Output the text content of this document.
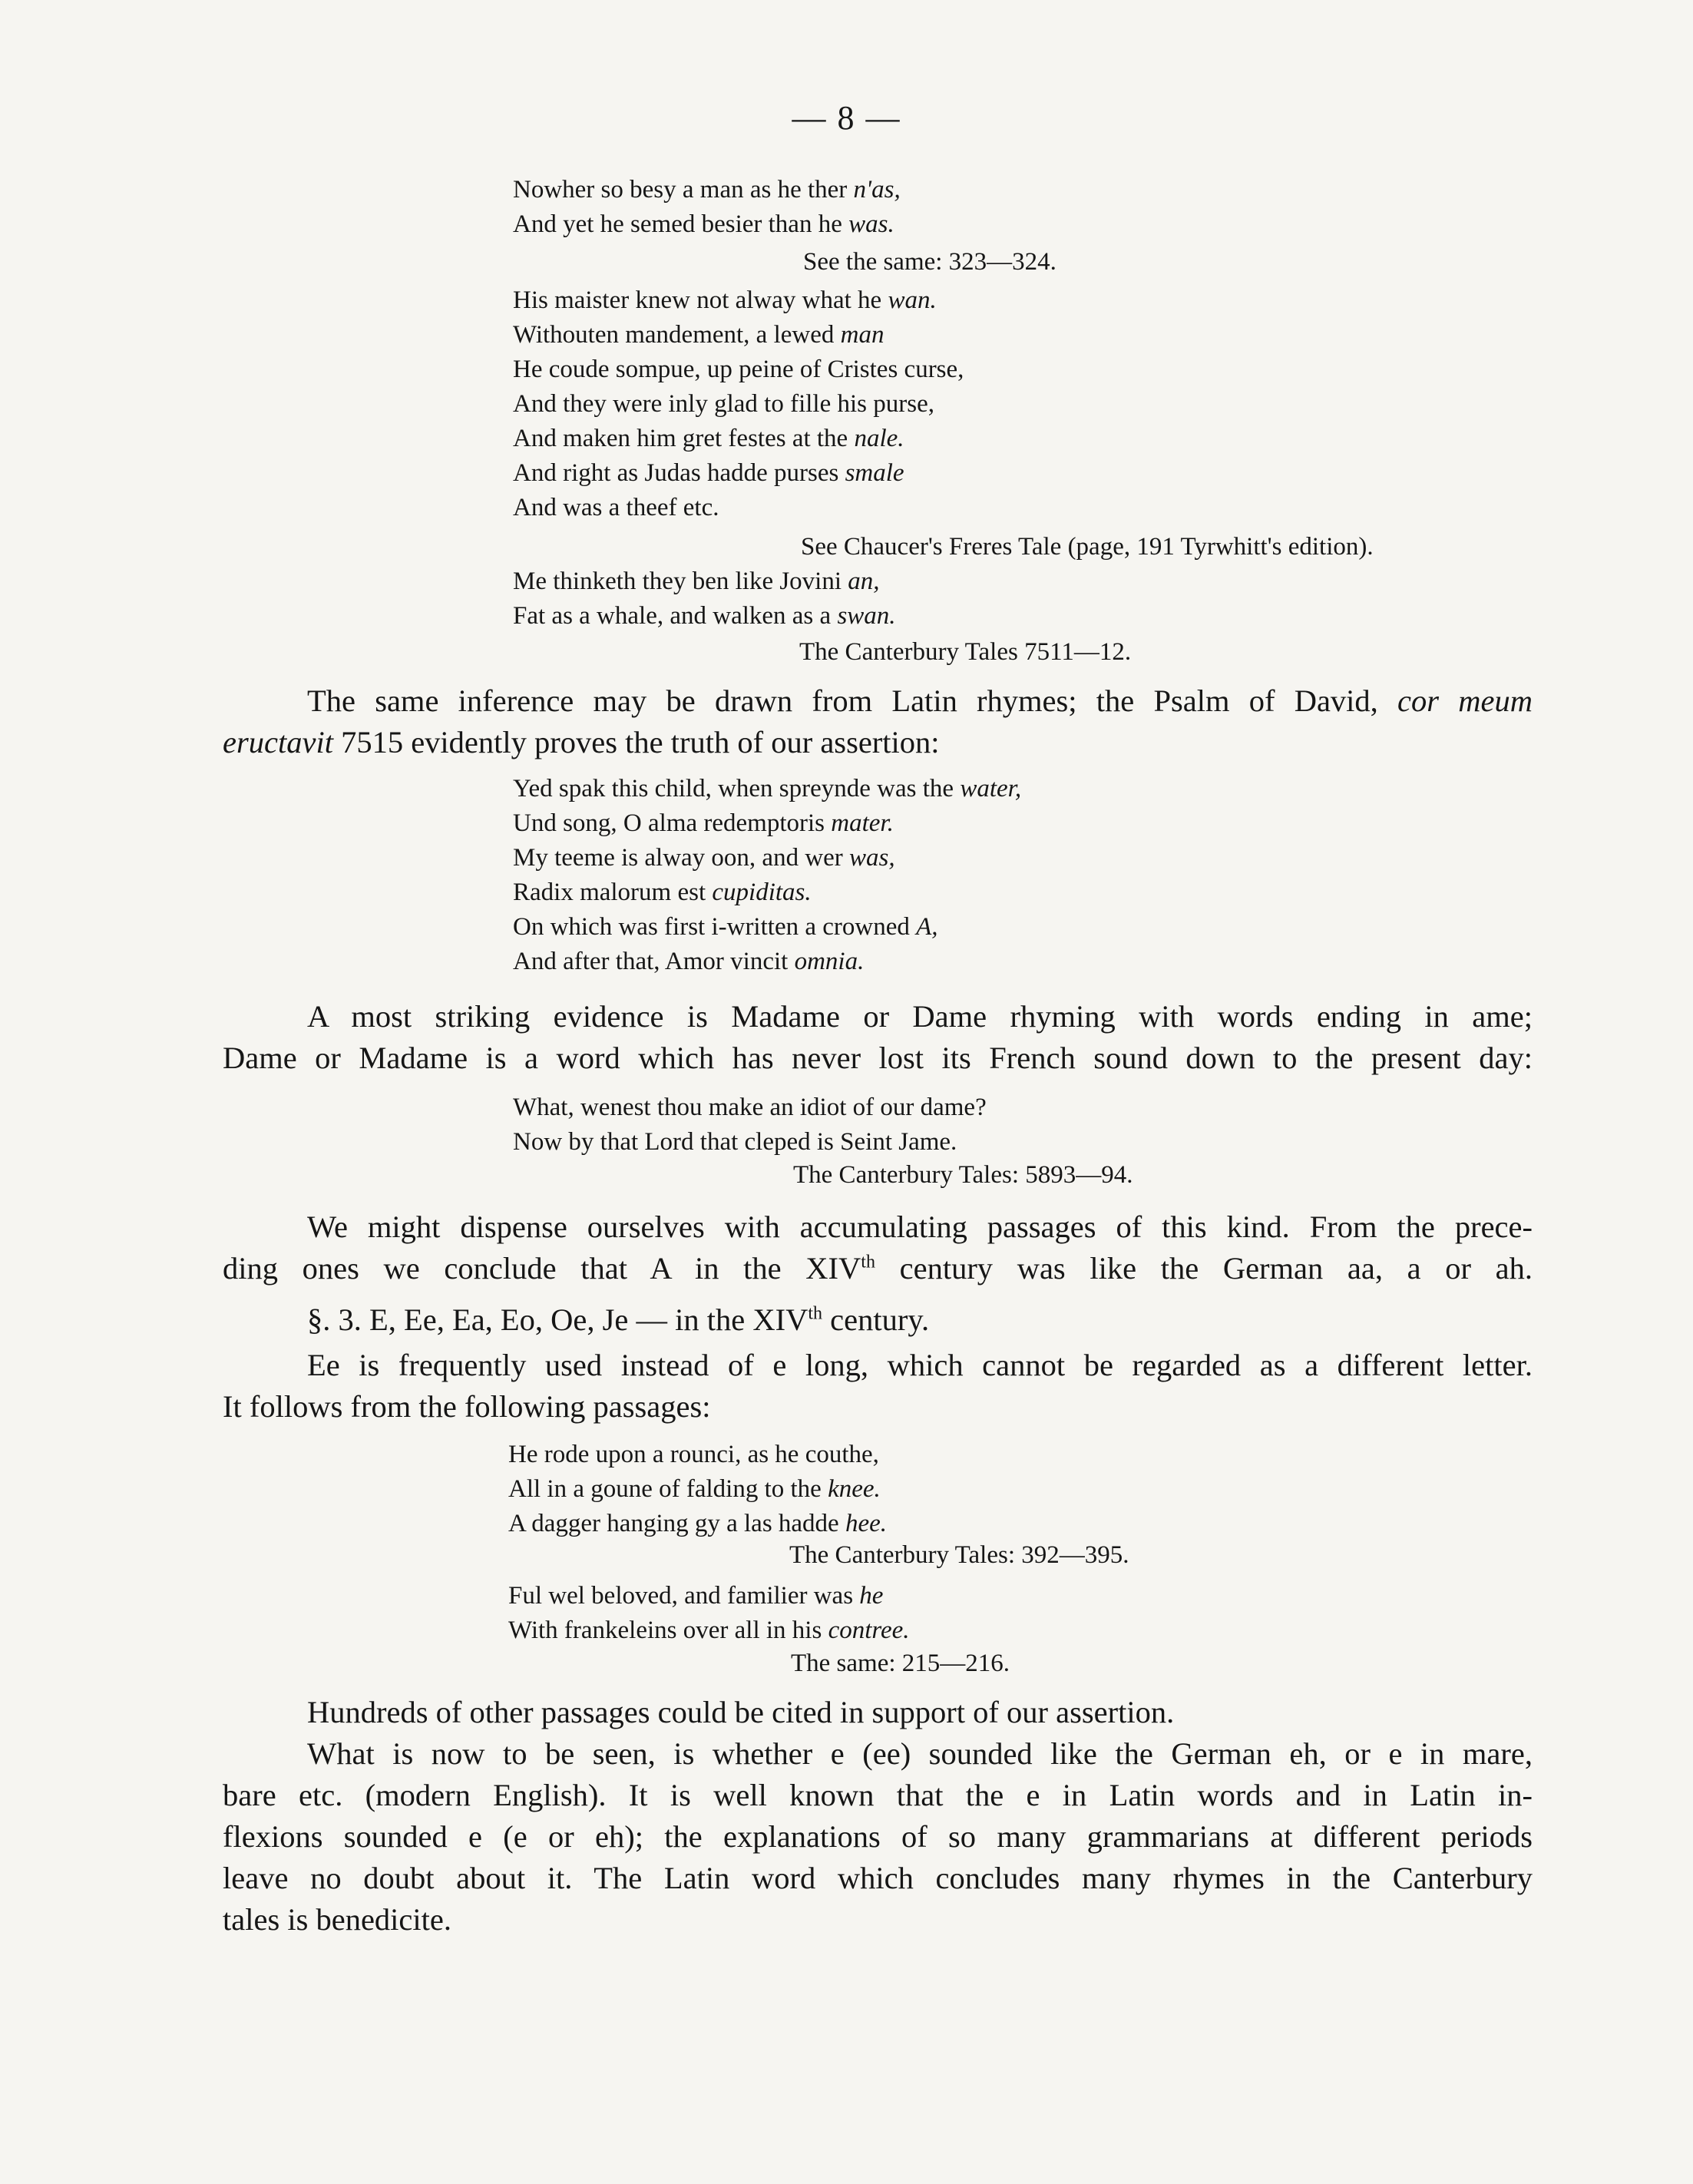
— 8 —
Nowher so besy a man as he ther n'as,
And yet he semed besier than he was.
See the same: 323—324.
His maister knew not alway what he wan.
Withouten mandement, a lewed man
He coude sompue, up peine of Cristes curse,
And they were inly glad to fille his purse,
And maken him gret festes at the nale.
And right as Judas hadde purses smale
And was a theef etc.
See Chaucer's Freres Tale (page, 191 Tyrwhitt's edition).
Me thinketh they ben like Jovini an,
Fat as a whale, and walken as a swan.
The Canterbury Tales 7511—12.
The same inference may be drawn from Latin rhymes; the Psalm of David, cor meum
eructavit 7515 evidently proves the truth of our assertion:
Yed spak this child, when spreynde was the water,
Und song, O alma redemptoris mater.
My teeme is alway oon, and wer was,
Radix malorum est cupiditas.
On which was first i-written a crowned A,
And after that, Amor vincit omnia.
A most striking evidence is Madame or Dame rhyming with words ending in ame;
Dame or Madame is a word which has never lost its French sound down to the present day:
What, wenest thou make an idiot of our dame?
Now by that Lord that cleped is Seint Jame.
The Canterbury Tales: 5893—94.
We might dispense ourselves with accumulating passages of this kind. From the prece-
ding ones we conclude that A in the XIVth century was like the German aa, a or ah.
§. 3. E, Ee, Ea, Eo, Oe, Je — in the XIVth century.
Ee is frequently used instead of e long, which cannot be regarded as a different letter.
It follows from the following passages:
He rode upon a rounci, as he couthe,
All in a goune of falding to the knee.
A dagger hanging gy a las hadde hee.
The Canterbury Tales: 392—395.
Ful wel beloved, and familier was he
With frankeleins over all in his contree.
The same: 215—216.
Hundreds of other passages could be cited in support of our assertion.
What is now to be seen, is whether e (ee) sounded like the German eh, or e in mare,
bare etc. (modern English). It is well known that the e in Latin words and in Latin in-
flexions sounded e (e or eh); the explanations of so many grammarians at different periods
leave no doubt about it. The Latin word which concludes many rhymes in the Canterbury
tales is benedicite.
